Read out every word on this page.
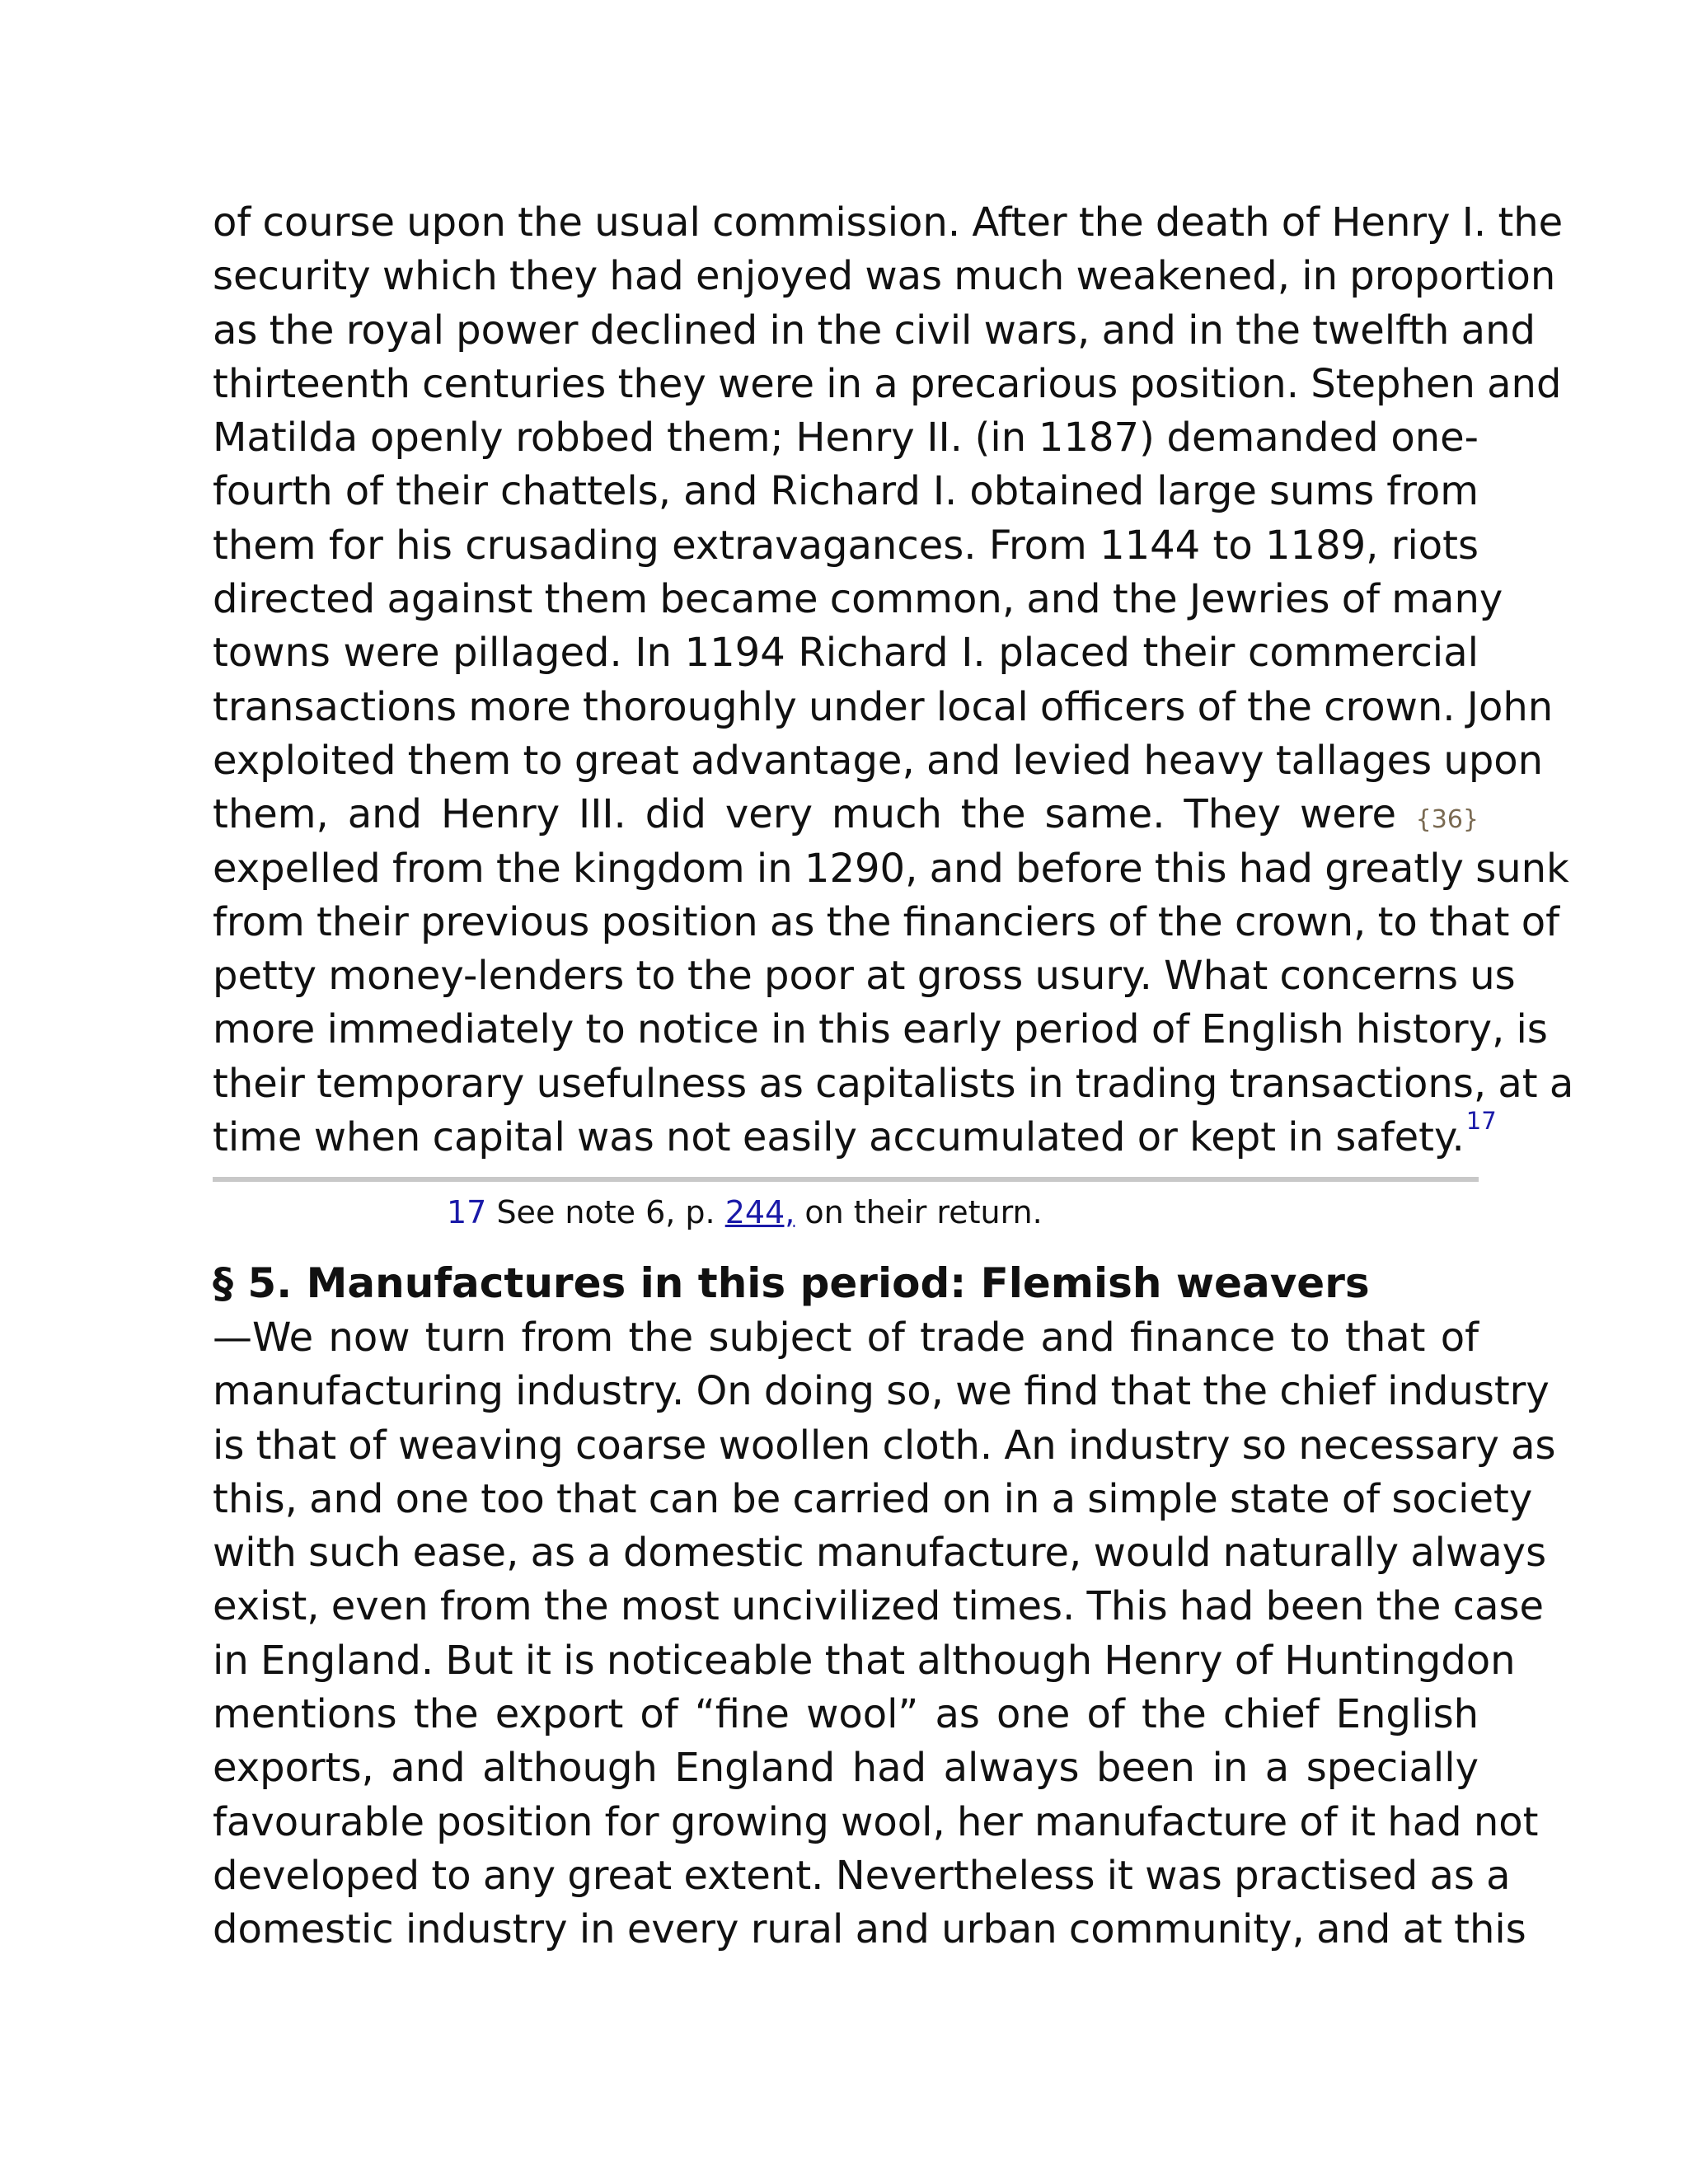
of course upon the usual commission. After the death of Henry I. the
security which they had enjoyed was much weakened, in proportion
as the royal power declined in the civil wars, and in the twelfth and
thirteenth centuries they were in a precarious position. Stephen and
Matilda openly robbed them; Henry II. (in 1187) demanded one-
fourth of their chattels, and Richard I. obtained large sums from
them for his crusading extravagances. From 1144 to 1189, riots
directed against them became common, and the Jewries of many
towns were pillaged. In 1194 Richard I. placed their commercial
transactions more thoroughly under local officers of the crown. John
exploited them to great advantage, and levied heavy tallages upon
them, and Henry III. did very much the same. They were {36}
expelled from the kingdom in 1290, and before this had greatly sunk
from their previous position as the financiers of the crown, to that of
petty money-lenders to the poor at gross usury. What concerns us
more immediately to notice in this early period of English history, is
their temporary usefulness as capitalists in trading transactions, at a
time when capital was not easily accumulated or kept in safety.$^{17}$

17 See note 6, p. 244, on their return.
§ 5. Manufactures in this period: Flemish weavers

—We now turn from the subject of trade and finance to that of
manufacturing industry. On doing so, we find that the chief industry
is that of weaving coarse woollen cloth. An industry so necessary as
this, and one too that can be carried on in a simple state of society
with such ease, as a domestic manufacture, would naturally always
exist, even from the most uncivilized times. This had been the case
in England. But it is noticeable that although Henry of Huntingdon
mentions the export of “fine wool” as one of the chief English
exports, and although England had always been in a specially
favourable position for growing wool, her manufacture of it had not
developed to any great extent. Nevertheless it was practised as a
domestic industry in every rural and urban community, and at this
